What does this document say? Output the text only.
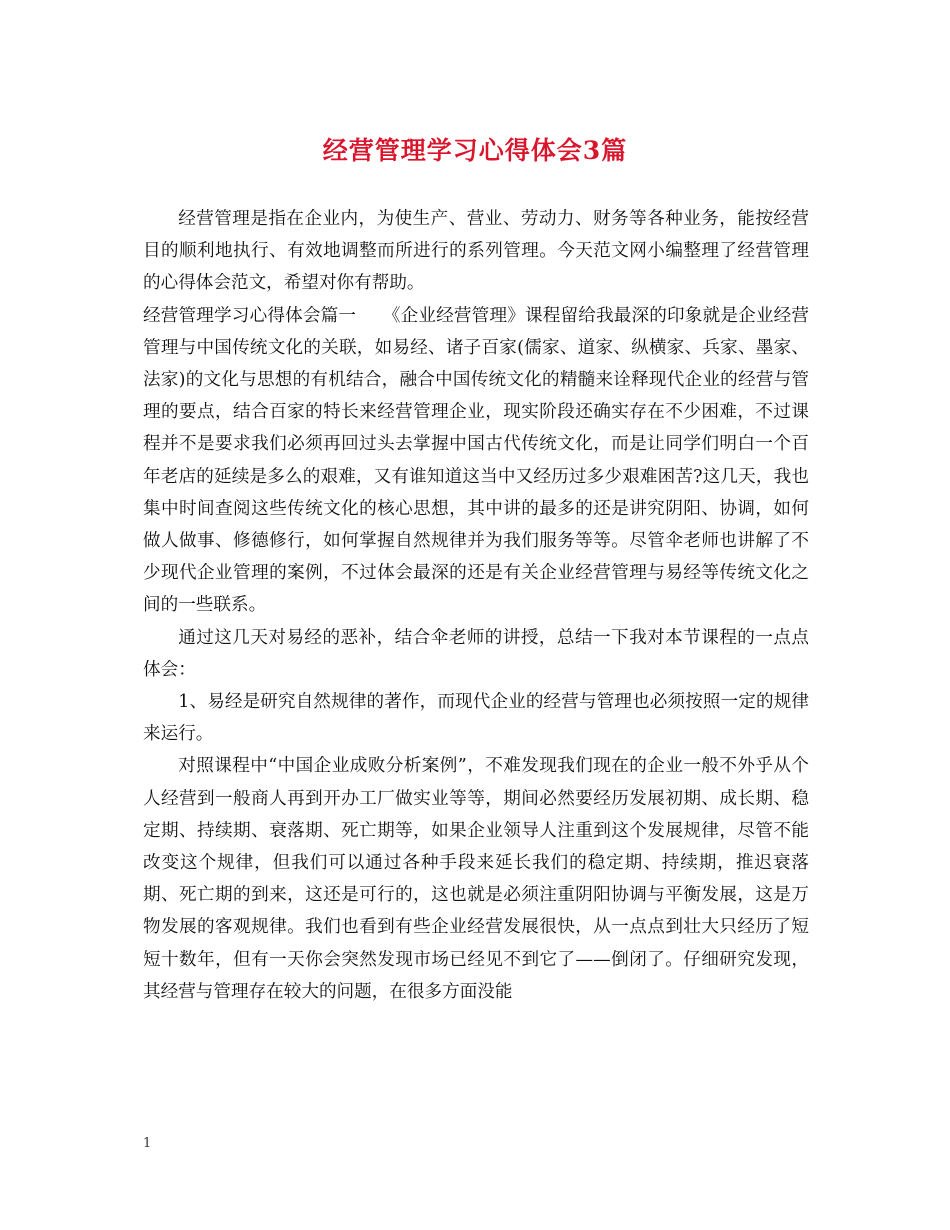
经营管理学习心得体会3篇

经营管理是指在企业内，为使生产、营业、劳动力、财务等各种业务，能按经营目的顺利地执行、有效地调整而所进行的系列管理。今天范文网小编整理了经营管理的心得体会范文，希望对你有帮助。

经营管理学习心得体会篇一　　《企业经营管理》课程留给我最深的印象就是企业经营管理与中国传统文化的关联，如易经、诸子百家(儒家、道家、纵横家、兵家、墨家、法家)的文化与思想的有机结合，融合中国传统文化的精髓来诠释现代企业的经营与管理的要点，结合百家的特长来经营管理企业，现实阶段还确实存在不少困难，不过课程并不是要求我们必须再回过头去掌握中国古代传统文化，而是让同学们明白一个百年老店的延续是多么的艰难，又有谁知道这当中又经历过多少艰难困苦?这几天，我也集中时间查阅这些传统文化的核心思想，其中讲的最多的还是讲究阴阳、协调，如何做人做事、修德修行，如何掌握自然规律并为我们服务等等。尽管伞老师也讲解了不少现代企业管理的案例，不过体会最深的还是有关企业经营管理与易经等传统文化之间的一些联系。

通过这几天对易经的恶补，结合伞老师的讲授，总结一下我对本节课程的一点点体会：

1、易经是研究自然规律的著作，而现代企业的经营与管理也必须按照一定的规律来运行。

对照课程中“中国企业成败分析案例”，不难发现我们现在的企业一般不外乎从个人经营到一般商人再到开办工厂做实业等等，期间必然要经历发展初期、成长期、稳定期、持续期、衰落期、死亡期等，如果企业领导人注重到这个发展规律，尽管不能改变这个规律，但我们可以通过各种手段来延长我们的稳定期、持续期，推迟衰落期、死亡期的到来，这还是可行的，这也就是必须注重阴阳协调与平衡发展，这是万物发展的客观规律。我们也看到有些企业经营发展很快，从一点点到壮大只经历了短短十数年，但有一天你会突然发现市场已经见不到它了——倒闭了。仔细研究发现，其经营与管理存在较大的问题，在很多方面没能

1
